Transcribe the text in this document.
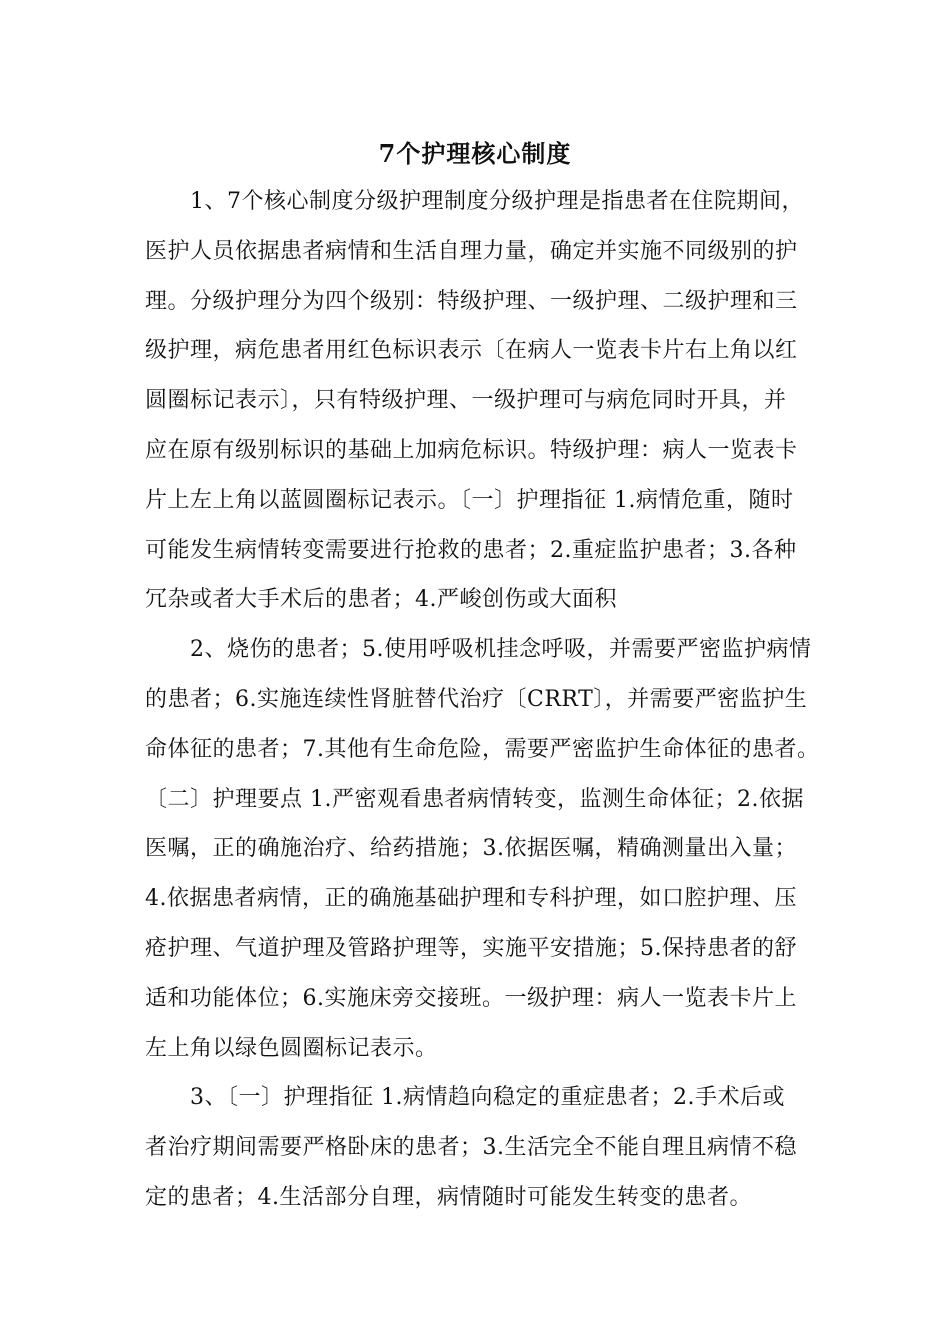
7个护理核心制度
1、7个核心制度分级护理制度分级护理是指患者在住院期间，
医护人员依据患者病情和生活自理力量，确定并实施不同级别的护
理。分级护理分为四个级别：特级护理、一级护理、二级护理和三
级护理，病危患者用红色标识表示〔在病人一览表卡片右上角以红
圆圈标记表示〕，只有特级护理、一级护理可与病危同时开具，并
应在原有级别标识的基础上加病危标识。特级护理：病人一览表卡
片上左上角以蓝圆圈标记表示。〔一〕护理指征 1.病情危重，随时
可能发生病情转变需要进行抢救的患者；2.重症监护患者；3.各种
冗杂或者大手术后的患者；4.严峻创伤或大面积
2、烧伤的患者；5.使用呼吸机挂念呼吸，并需要严密监护病情
的患者；6.实施连续性肾脏替代治疗〔CRRT〕，并需要严密监护生
命体征的患者；7.其他有生命危险，需要严密监护生命体征的患者。
〔二〕护理要点 1.严密观看患者病情转变，监测生命体征；2.依据
医嘱，正的确施治疗、给药措施；3.依据医嘱，精确测量出入量；
4.依据患者病情，正的确施基础护理和专科护理，如口腔护理、压
疮护理、气道护理及管路护理等，实施平安措施；5.保持患者的舒
适和功能体位；6.实施床旁交接班。一级护理：病人一览表卡片上
左上角以绿色圆圈标记表示。
3、〔一〕护理指征 1.病情趋向稳定的重症患者；2.手术后或
者治疗期间需要严格卧床的患者；3.生活完全不能自理且病情不稳
定的患者；4.生活部分自理，病情随时可能发生转变的患者。
